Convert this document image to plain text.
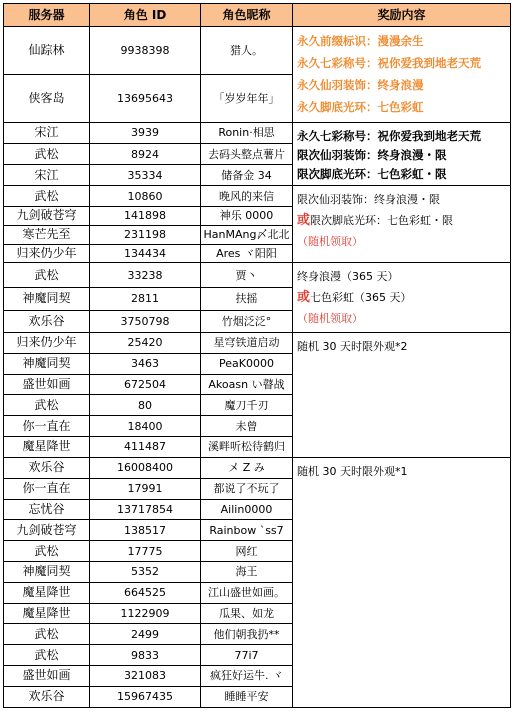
服务器	角色 ID	角色昵称	奖励内容
仙踪林	9938398	猎人。	永久前缀标识：漫漫余生
永久七彩称号：祝你爱我到地老天荒
永久仙羽装饰：终身浪漫
永久脚底光环：七色彩虹

侠客岛	13695643	「岁岁年年」	
宋江	3939	Ronin·相思	永久七彩称号：祝你爱我到地老天荒
限次仙羽装饰：终身浪漫・限
限次脚底光环：七色彩虹・限

武松	8924	去码头整点薯片	
宋江	35334	储备金 34	
武松	10860	晚风的来信	限次仙羽装饰：终身浪漫・限
或限次脚底光环：七色彩虹・限
（随机领取）

九剑破苍穹	141898	神乐 0000	
寒芒先至	231198	HanMAng〆北北	
归来仍少年	134434	Ares ヾ阳阳	
武松	33238	贾丶	终身浪漫（365 天）
或七色彩虹（365 天）
（随机领取）

神魔同契	2811	扶摇	
欢乐谷	3750798	竹烟泛泛°	
归来仍少年	25420	星穹铁道启动	随机 30 天时限外观*2

神魔同契	3463	PeaK0000	
盛世如画	672504	Akoasn い瞽战	
武松	80	魔刀千刃	
你一直在	18400	未曾	
魔星降世	411487	溪畔听松待鹤归	
欢乐谷	16008400	メ Z み	随机 30 天时限外观*1

你一直在	17991	都说了不玩了	
忘忧谷	13717854	Ailin0000	
九剑破苍穹	138517	Rainbow ˋss7	
武松	17775	网红	
神魔同契	5352	海王	
魔星降世	664525	江山盛世如画。	
魔星降世	1122909	瓜果、如龙	
武松	2499	他们朝我扔**	
武松	9833	77i7	
盛世如画	321083	疯狂好运牛. ヾ	
欢乐谷	15967435	睡睡平安	
